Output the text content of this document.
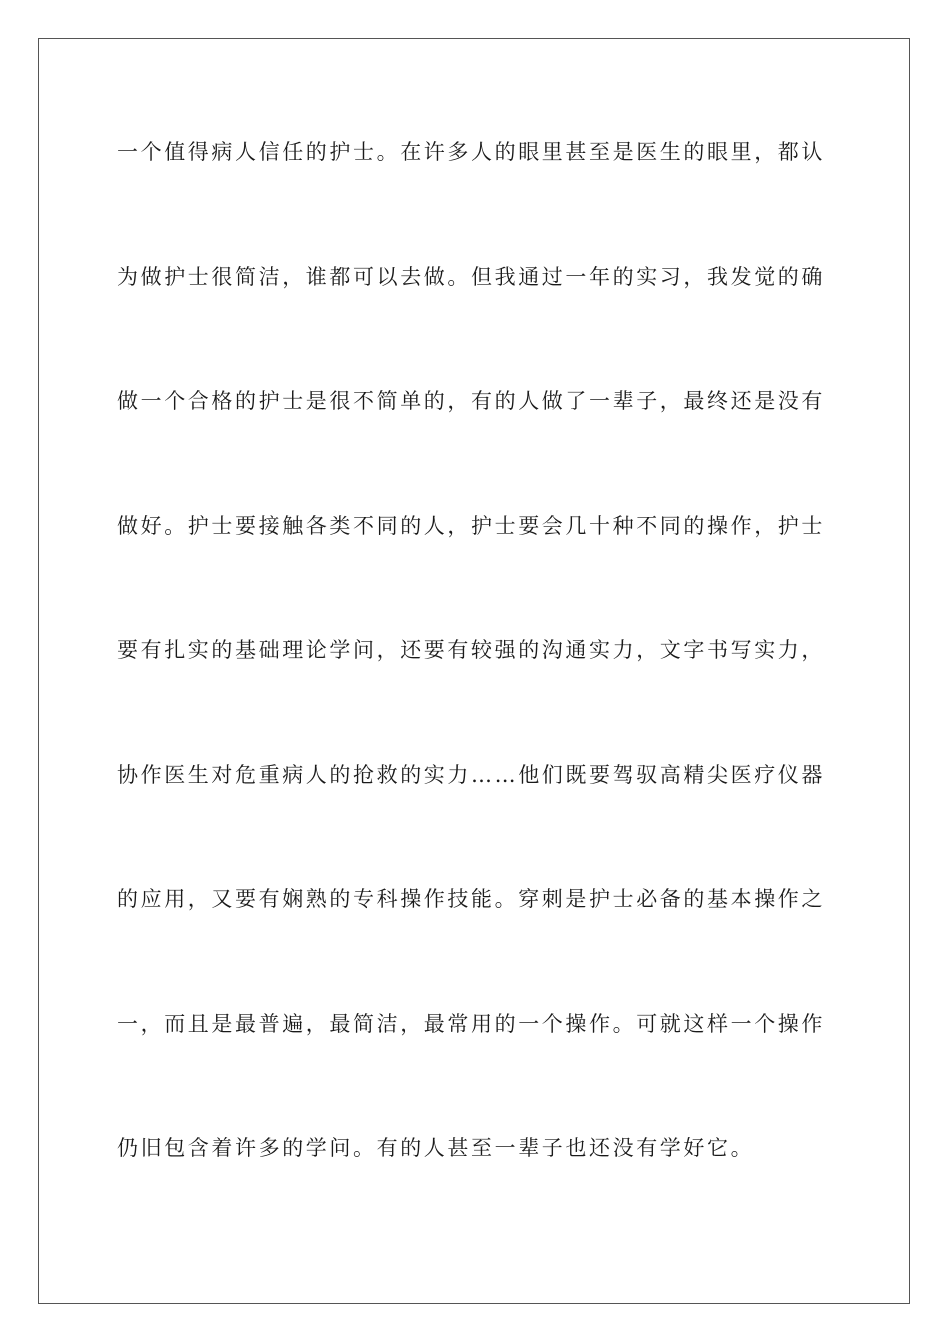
一个值得病人信任的护士。在许多人的眼里甚至是医生的眼里，都认
为做护士很简洁，谁都可以去做。但我通过一年的实习，我发觉的确
做一个合格的护士是很不简单的，有的人做了一辈子，最终还是没有
做好。护士要接触各类不同的人，护士要会几十种不同的操作，护士
要有扎实的基础理论学问，还要有较强的沟通实力，文字书写实力，
协作医生对危重病人的抢救的实力……他们既要驾驭高精尖医疗仪器
的应用，又要有娴熟的专科操作技能。穿刺是护士必备的基本操作之
一，而且是最普遍，最简洁，最常用的一个操作。可就这样一个操作
仍旧包含着许多的学问。有的人甚至一辈子也还没有学好它。
